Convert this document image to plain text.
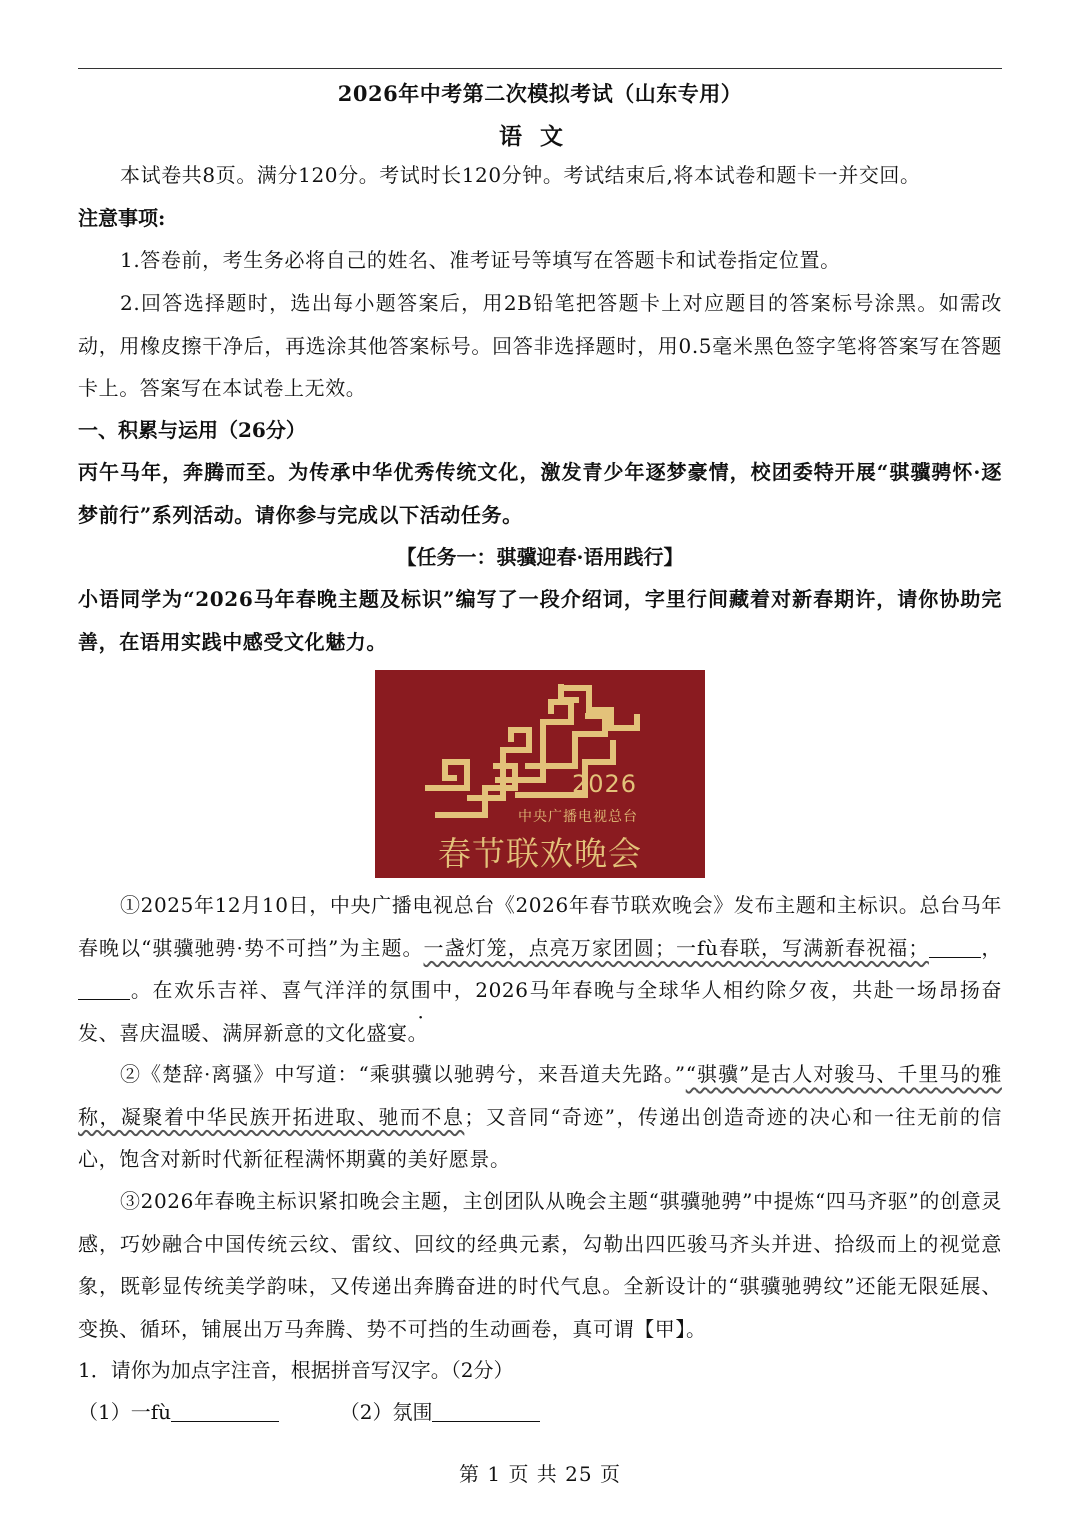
2026年中考第二次模拟考试（山东专用）
语文
本试卷共8页。满分120分。考试时长120分钟。考试结束后,将本试卷和题卡一并交回。
注意事项:
1.答卷前，考生务必将自己的姓名、准考证号等填写在答题卡和试卷指定位置。
2.回答选择题时，选出每小题答案后，用2B铅笔把答题卡上对应题目的答案标号涂黑。如需改动，用橡皮擦干净后，再选涂其他答案标号。回答非选择题时，用0.5毫米黑色签字笔将答案写在答题卡上。答案写在本试卷上无效。
一、积累与运用（26分）
丙午马年，奔腾而至。为传承中华优秀传统文化，激发青少年逐梦豪情，校团委特开展“骐骥骋怀·逐梦前行”系列活动。请你参与完成以下活动任务。
【任务一：骐骥迎春·语用践行】
小语同学为“2026马年春晚主题及标识”编写了一段介绍词，字里行间藏着对新春期许，请你协助完善，在语用实践中感受文化魅力。
2026
中央广播电视总台
春节联欢晚会
①2025年12月10日，中央广播电视总台《2026年春节联欢晚会》发布主题和主标识。总台马年春晚以“骐骥驰骋·势不可挡”为主题。一盏灯笼，点亮万家团圆；一fù春联，写满新春祝福；	，。在欢乐吉祥、喜气洋洋的氛围中，2026马年春晚与全球华人相约除夕夜，共赴一场昂扬奋发、喜庆温暖、满屏新意的文化盛宴。
②《楚辞·离骚》中写道：“乘骐骥以驰骋兮，来吾道夫先路。”“骐骥”是古人对骏马、千里马的雅称，凝聚着中华民族开拓进取、驰而不息；又音同“奇迹”，传递出创造奇迹的决心和一往无前的信心，饱含对新时代新征程满怀期冀的美好愿景。
③2026年春晚主标识紧扣晚会主题，主创团队从晚会主题“骐骥驰骋”中提炼“四马齐驱”的创意灵感，巧妙融合中国传统云纹、雷纹、回纹的经典元素，勾勒出四匹骏马齐头并进、拾级而上的视觉意象，既彰显传统美学韵味，又传递出奔腾奋进的时代气息。全新设计的“骐骥驰骋纹”还能无限延展、变换、循环，铺展出万马奔腾、势不可挡的生动画卷，真可谓【甲】。
1．请你为加点字注音，根据拼音写汉字。（2分）
（1）一fù	（2）氛围
第 1 页 共 25 页
